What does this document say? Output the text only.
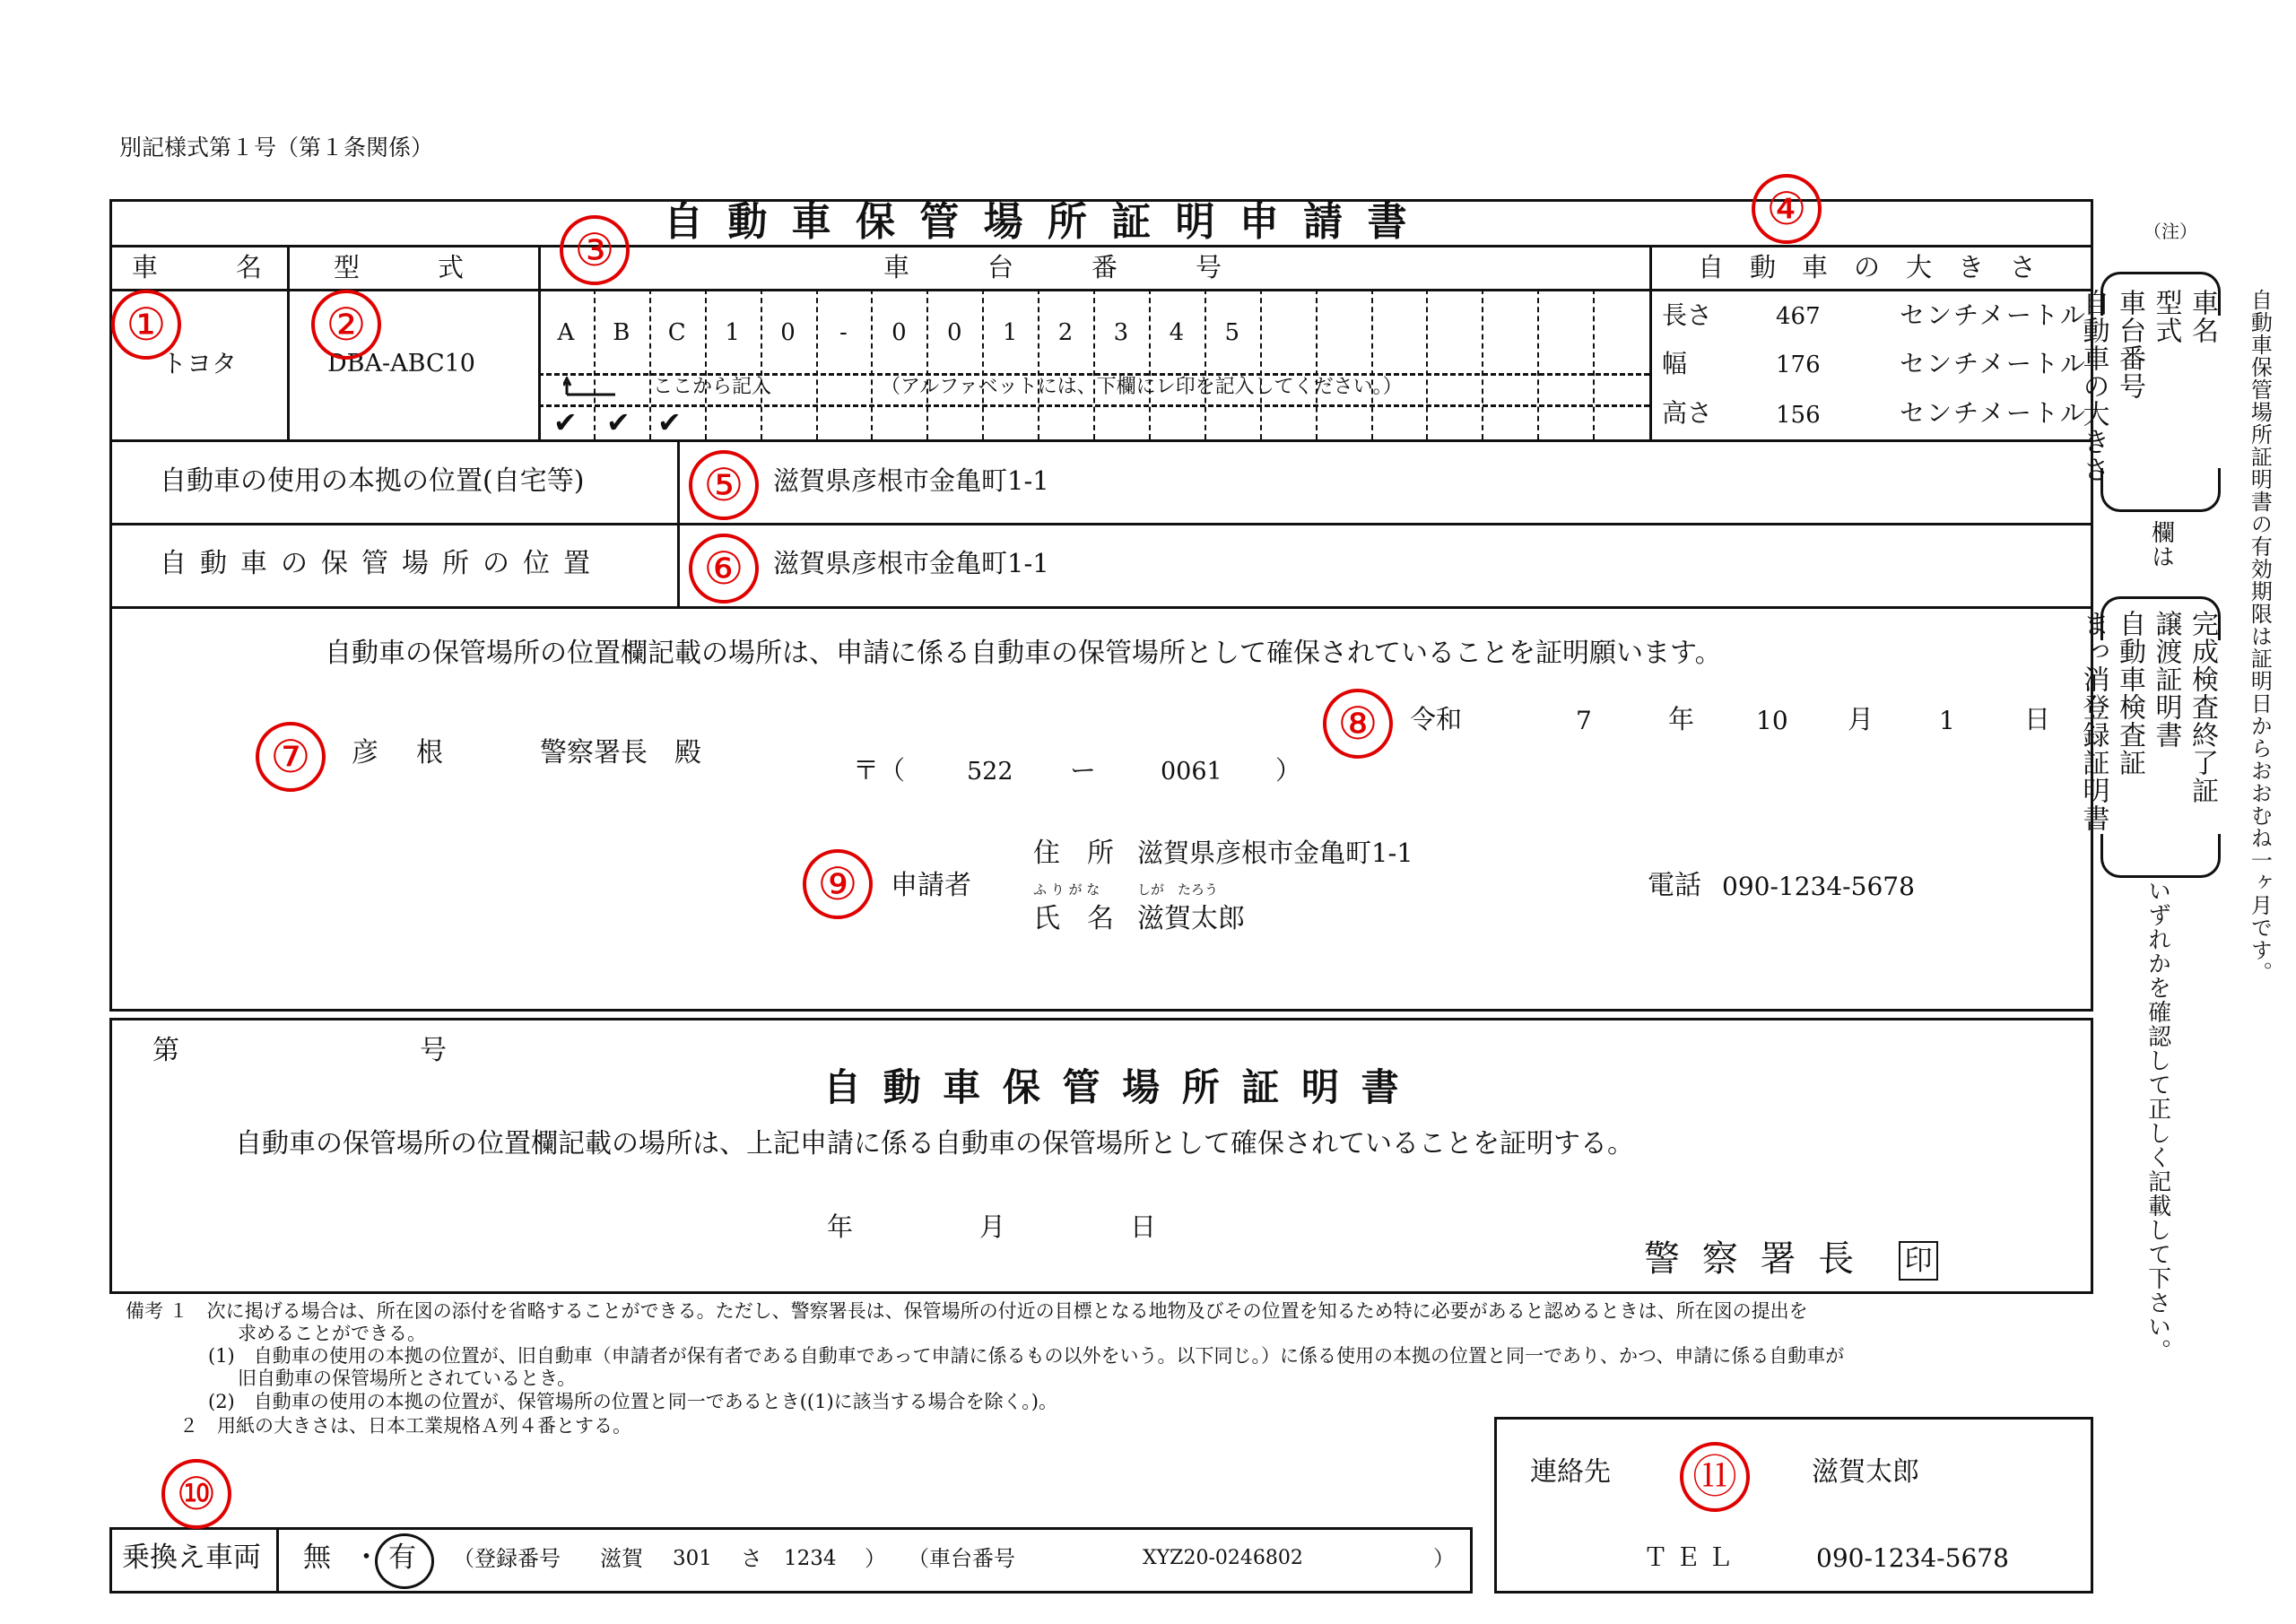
別記様式第１号（第１条関係）
自 動 車 保 管 場 所 証 明 申 請 書
車　　　名	型　　　式	車　　　台　　　番　　　号	自　動　車　の　大　き　さ
トヨタ	DBA-ABC10
A	B	C	1	0	-	0	0	1	2	3	4	5
ここから記入	（アルファベットには、下欄にレ印を記入してください。）
✔ ✔ ✔
長さ	467	センチメートル
幅	176	センチメートル
高さ	156	センチメートル
自動車の使用の本拠の位置(自宅等)	滋賀県彦根市金亀町1-1
自動車の保管場所の位置	滋賀県彦根市金亀町1-1
自動車の保管場所の位置欄記載の場所は、申請に係る自動車の保管場所として確保されていることを証明願います。
彦　根	警察署長　殿
令和	7	年 10 月	1	日
〒（	522 ー	0061 ）
申請者
住　所 滋賀県彦根市金亀町1-1
ふ り が な	しが　たろう
氏　名 滋賀太郎
電話 090-1234-5678
第	号
自 動 車 保 管 場 所 証 明 書
自動車の保管場所の位置欄記載の場所は、上記申請に係る自動車の保管場所として確保されていることを証明する。
年	月	日
警 察 署 長 印
備考 １　次に掲げる場合は、所在図の添付を省略することができる。ただし、警察署長は、保管場所の付近の目標となる地物及びその位置を知るため特に必要があると認めるときは、所在図の提出を
求めることができる。
(1)　自動車の使用の本拠の位置が、旧自動車（申請者が保有者である自動車であって申請に係るもの以外をいう。以下同じ。）に係る使用の本拠の位置と同一であり、かつ、申請に係る自動車が
旧自動車の保管場所とされているとき。
(2)　自動車の使用の本拠の位置が、保管場所の位置と同一であるとき((1)に該当する場合を除く。)。
２　用紙の大きさは、日本工業規格Ａ列４番とする。
乗換え車両 無 ・ 有 （登録番号 滋賀 301 さ 1234 ） （車台番号	XYZ20-0246802	）
連絡先	滋賀太郎
ＴＥＬ	090-1234-5678
（注）
車名
型式
車台番号
自動車の大きさ
欄は
完成検査終了証
譲渡証明書
自動車検査証
まっ消登録証明書
いずれかを確認して正しく記載して下さい。
自動車保管場所証明書の有効期限は証明日からおおむね一ヶ月です。
①	②
③
④
⑤
⑥
⑦
⑧
⑨
⑩	⑪
